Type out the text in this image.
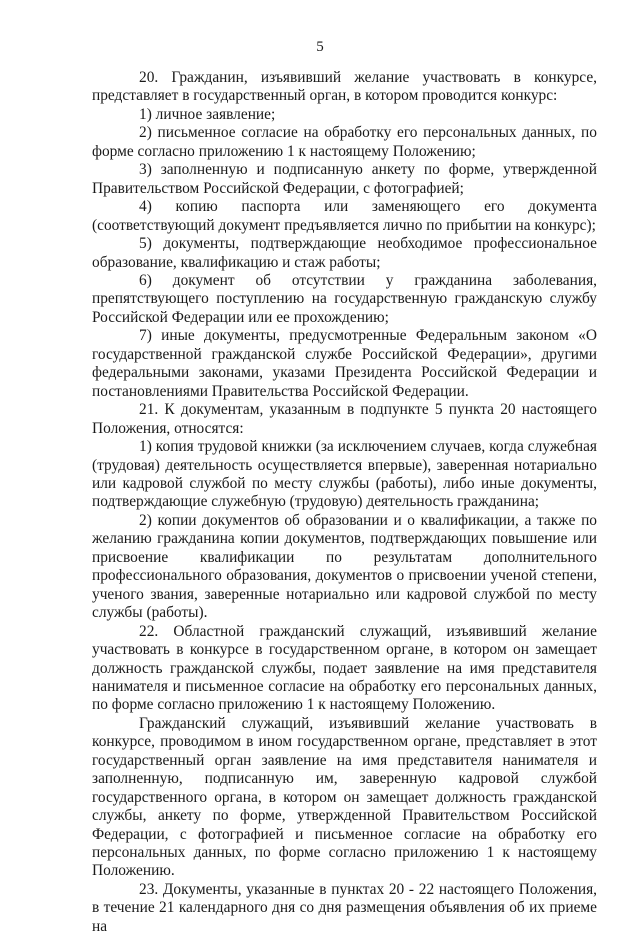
5

20. Гражданин, изъявивший желание участвовать в конкурсе, представляет в государственный орган, в котором проводится конкурс:

1) личное заявление;

2) письменное согласие на обработку его персональных данных, по форме согласно приложению 1 к настоящему Положению;

3) заполненную и подписанную анкету по форме, утвержденной Правительством Российской Федерации, с фотографией;

4) копию паспорта или заменяющего его документа (соответствующий документ предъявляется лично по прибытии на конкурс);

5) документы, подтверждающие необходимое профессиональное образование, квалификацию и стаж работы;

6) документ об отсутствии у гражданина заболевания, препятствующего поступлению на государственную гражданскую службу Российской Федерации или ее прохождению;

7) иные документы, предусмотренные Федеральным законом «О государственной гражданской службе Российской Федерации», другими федеральными законами, указами Президента Российской Федерации и постановлениями Правительства Российской Федерации.

21. К документам, указанным в подпункте 5 пункта 20 настоящего Положения, относятся:

1) копия трудовой книжки (за исключением случаев, когда служебная (трудовая) деятельность осуществляется впервые), заверенная нотариально или кадровой службой по месту службы (работы), либо иные документы, подтверждающие служебную (трудовую) деятельность гражданина;

2) копии документов об образовании и о квалификации, а также по желанию гражданина копии документов, подтверждающих повышение или присвоение квалификации по результатам дополнительного профессионального образования, документов о присвоении ученой степени, ученого звания, заверенные нотариально или кадровой службой по месту службы (работы).

22. Областной гражданский служащий, изъявивший желание участвовать в конкурсе в государственном органе, в котором он замещает должность гражданской службы, подает заявление на имя представителя нанимателя и письменное согласие на обработку его персональных данных, по форме согласно приложению 1 к настоящему Положению.

Гражданский служащий, изъявивший желание участвовать в конкурсе, проводимом в ином государственном органе, представляет в этот государственный орган заявление на имя представителя нанимателя и заполненную, подписанную им, заверенную кадровой службой государственного органа, в котором он замещает должность гражданской службы, анкету по форме, утвержденной Правительством Российской Федерации, с фотографией и письменное согласие на обработку его персональных данных, по форме согласно приложению 1 к настоящему Положению.

23. Документы, указанные в пунктах 20 - 22 настоящего Положения, в течение 21 календарного дня со дня размещения объявления об их приеме на
